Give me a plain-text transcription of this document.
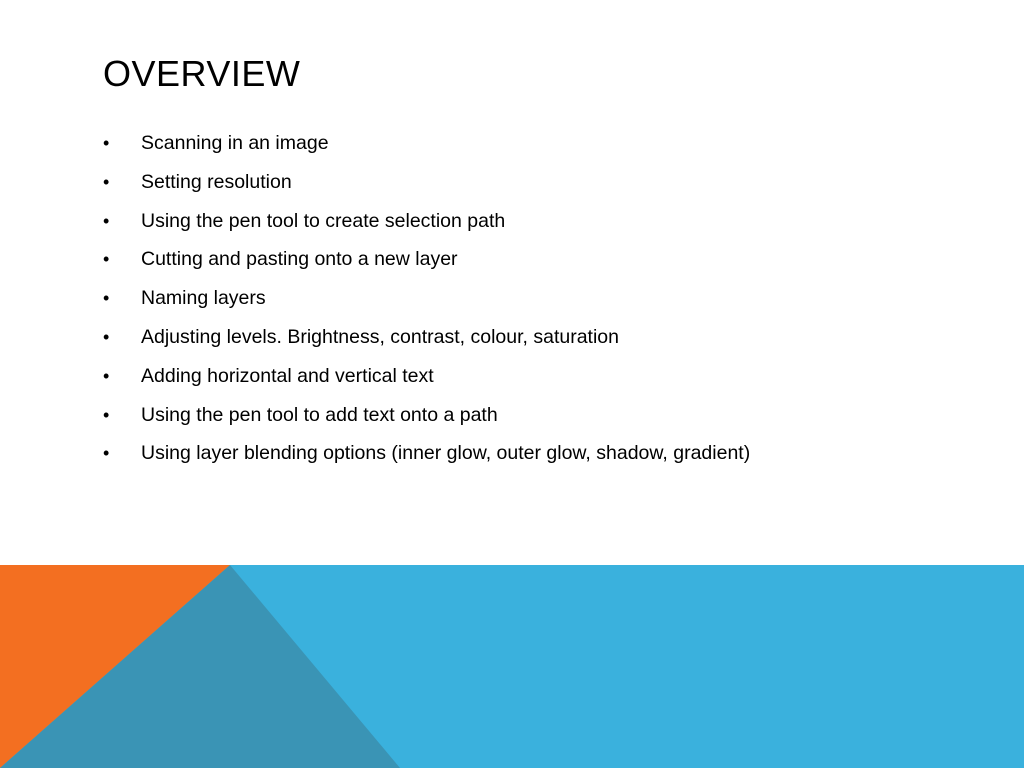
OVERVIEW
•	Scanning in an image
•	Setting resolution
•	Using the pen tool to create selection path
•	Cutting and pasting onto a new layer
•	Naming layers
•	Adjusting levels. Brightness, contrast, colour, saturation
•	Adding horizontal and vertical text
•	Using the pen tool to add text onto a path
•	Using layer blending options (inner glow, outer glow, shadow, gradient)
